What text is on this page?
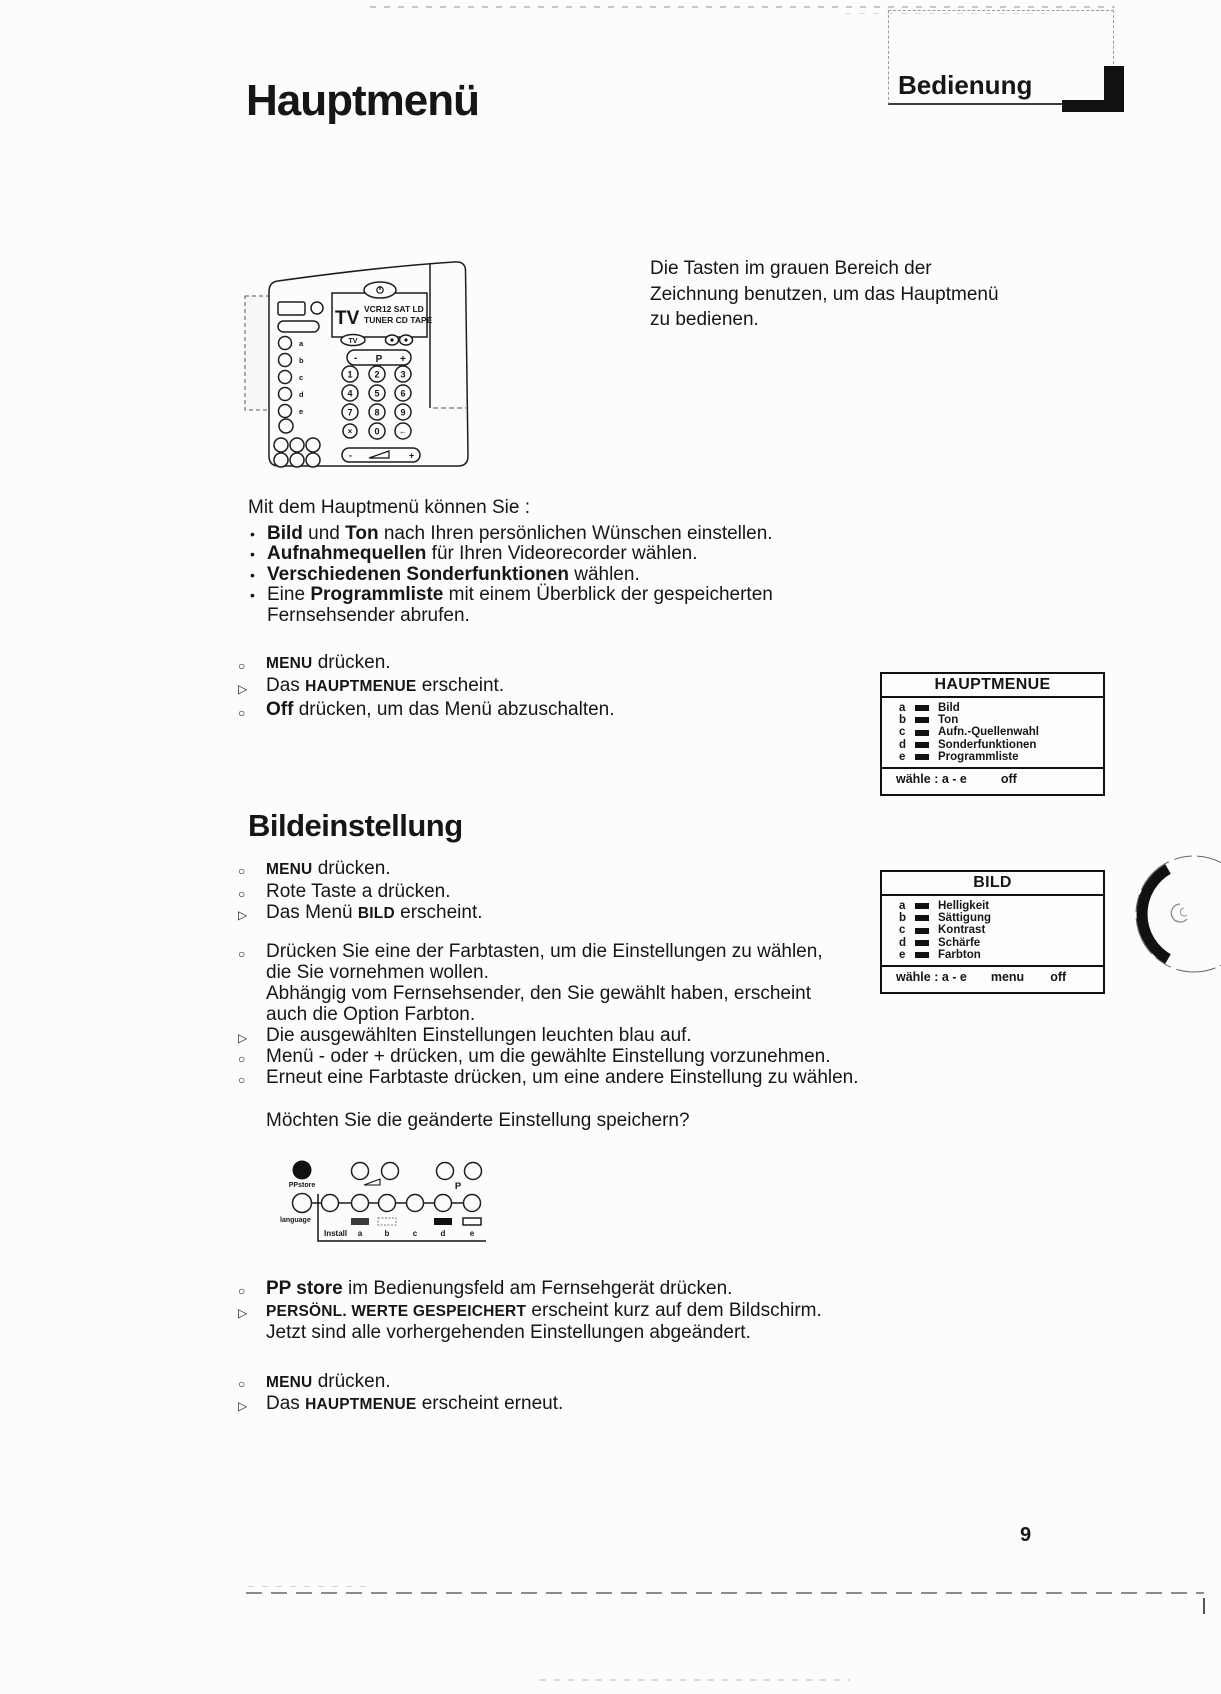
Bedienung
Hauptmenü
a
b
c
d
e
TV VCR12 SAT LD
TUNER CD TAPE
TV
- P +
1 2 3
4 5 6
7 8 9
× 0 ←
-	+
Die Tasten im grauen Bereich der
Zeichnung benutzen, um das Hauptmenü
zu bedienen.
Mit dem Hauptmenü können Sie :
• Bild und Ton nach Ihren persönlichen Wünschen einstellen.
• Aufnahmequellen für Ihren Videorecorder wählen.
• Verschiedenen Sonderfunktionen wählen.
• Eine Programmliste mit einem Überblick der gespeicherten
Fernsehsender abrufen.
○ MENU drücken.
▷ Das HAUPTMENUE erscheint.
○ Off drücken, um das Menü abzuschalten.
HAUPTMENUE
a	Bild
b	Ton
c	Aufn.-Quellenwahl
d	Sonderfunktionen
e	Programmliste
wähle : a - e	off
Bildeinstellung
○ MENU drücken.
○ Rote Taste a drücken.
▷ Das Menü BILD erscheint.
○ Drücken Sie eine der Farbtasten, um die Einstellungen zu wählen,
die Sie vornehmen wollen.
Abhängig vom Fernsehsender, den Sie gewählt haben, erscheint
auch die Option Farbton.
▷ Die ausgewählten Einstellungen leuchten blau auf.
○ Menü - oder + drücken, um die gewählte Einstellung vorzunehmen.
○ Erneut eine Farbtaste drücken, um eine andere Einstellung zu wählen.
Möchten Sie die geänderte Einstellung speichern?
BILD
a	Helligkeit
b	Sättigung
c	Kontrast
d	Schärfe
e	Farbton
wähle : a - e menu off
PPstore	P
language
Install a	b	c	d	e
○ PP store im Bedienungsfeld am Fernsehgerät drücken.
▷ PERSÖNL. WERTE GESPEICHERT erscheint kurz auf dem Bildschirm.
Jetzt sind alle vorhergehenden Einstellungen abgeändert.
○ MENU drücken.
▷ Das HAUPTMENUE erscheint erneut.
9
